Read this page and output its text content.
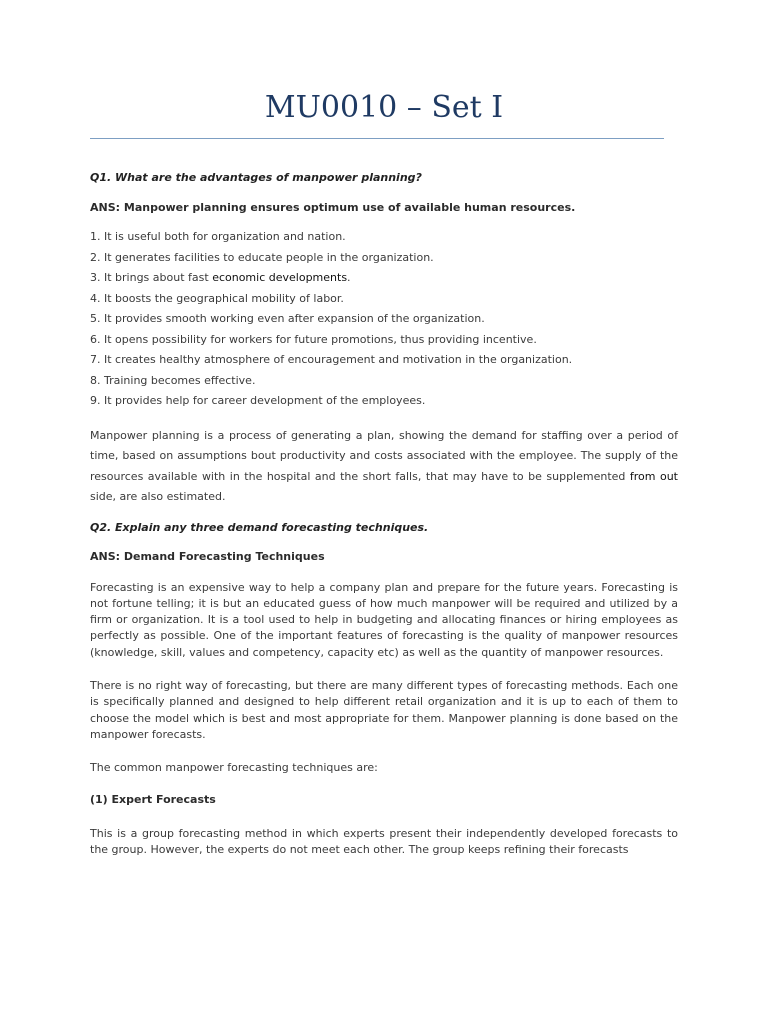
MU0010 – Set I

Q1. What are the advantages of manpower planning?

ANS: Manpower planning ensures optimum use of available human resources.

1. It is useful both for organization and nation.
2. It generates facilities to educate people in the organization.
3. It brings about fast economic developments.
4. It boosts the geographical mobility of labor.
5. It provides smooth working even after expansion of the organization.
6. It opens possibility for workers for future promotions, thus providing incentive.
7. It creates healthy atmosphere of encouragement and motivation in the organization.
8. Training becomes effective.
9. It provides help for career development of the employees.

Manpower planning is a process of generating a plan, showing the demand for staffing over a period of time, based on assumptions bout productivity and costs associated with the employee. The supply of the resources available with in the hospital and the short falls, that may have to be supplemented from out side, are also estimated.

Q2. Explain any three demand forecasting techniques.

ANS: Demand Forecasting Techniques

Forecasting is an expensive way to help a company plan and prepare for the future years. Forecasting is not fortune telling; it is but an educated guess of how much manpower will be required and utilized by a firm or organization. It is a tool used to help in budgeting and allocating finances or hiring employees as perfectly as possible. One of the important features of forecasting is the quality of manpower resources (knowledge, skill, values and competency, capacity etc) as well as the quantity of manpower resources.

There is no right way of forecasting, but there are many different types of forecasting methods. Each one is specifically planned and designed to help different retail organization and it is up to each of them to choose the model which is best and most appropriate for them. Manpower planning is done based on the manpower forecasts.

The common manpower forecasting techniques are:

(1) Expert Forecasts

This is a group forecasting method in which experts present their independently developed forecasts to the group. However, the experts do not meet each other. The group keeps refining their forecasts
